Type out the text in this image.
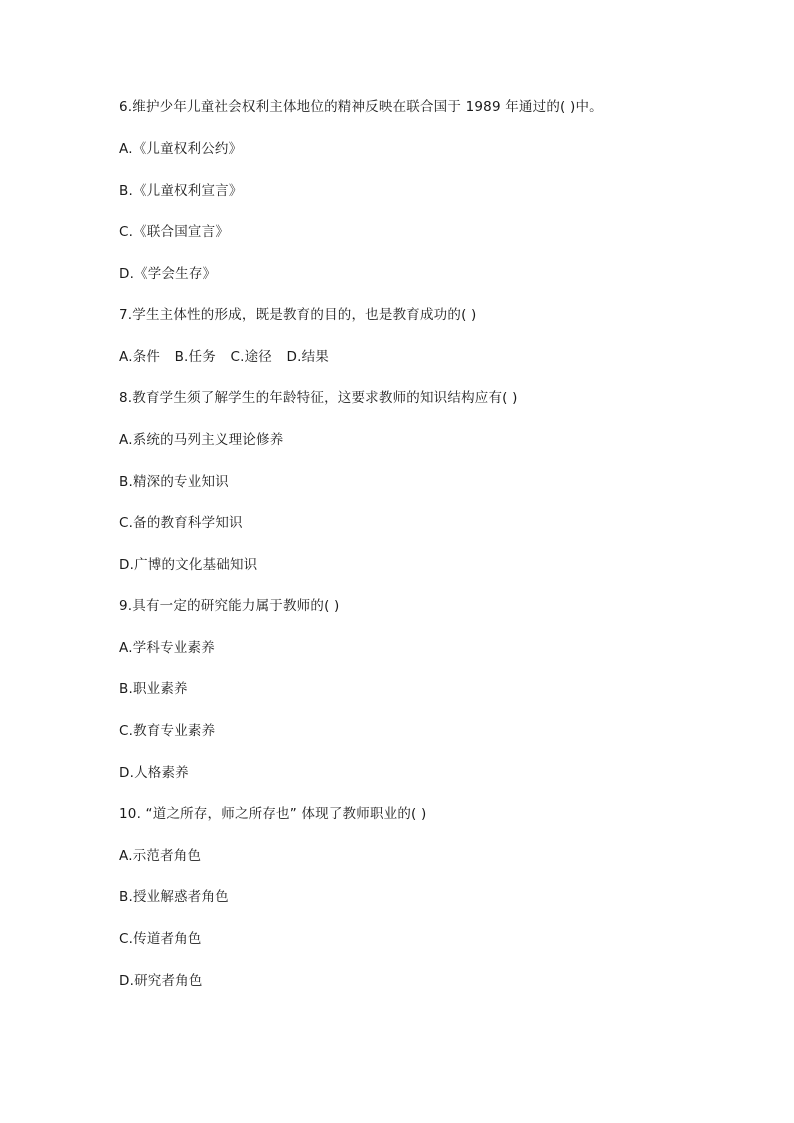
6.维护少年儿童社会权利主体地位的精神反映在联合国于 1989 年通过的( )中。
A.《儿童权利公约》
B.《儿童权利宣言》
C.《联合国宣言》
D.《学会生存》
7.学生主体性的形成，既是教育的目的，也是教育成功的( )
A.条件 B.任务 C.途径 D.结果
8.教育学生须了解学生的年龄特征，这要求教师的知识结构应有( )
A.系统的马列主义理论修养
B.精深的专业知识
C.备的教育科学知识
D.广博的文化基础知识
9.具有一定的研究能力属于教师的( )
A.学科专业素养
B.职业素养
C.教育专业素养
D.人格素养
10. “道之所存，师之所存也” 体现了教师职业的( )
A.示范者角色
B.授业解惑者角色
C.传道者角色
D.研究者角色
